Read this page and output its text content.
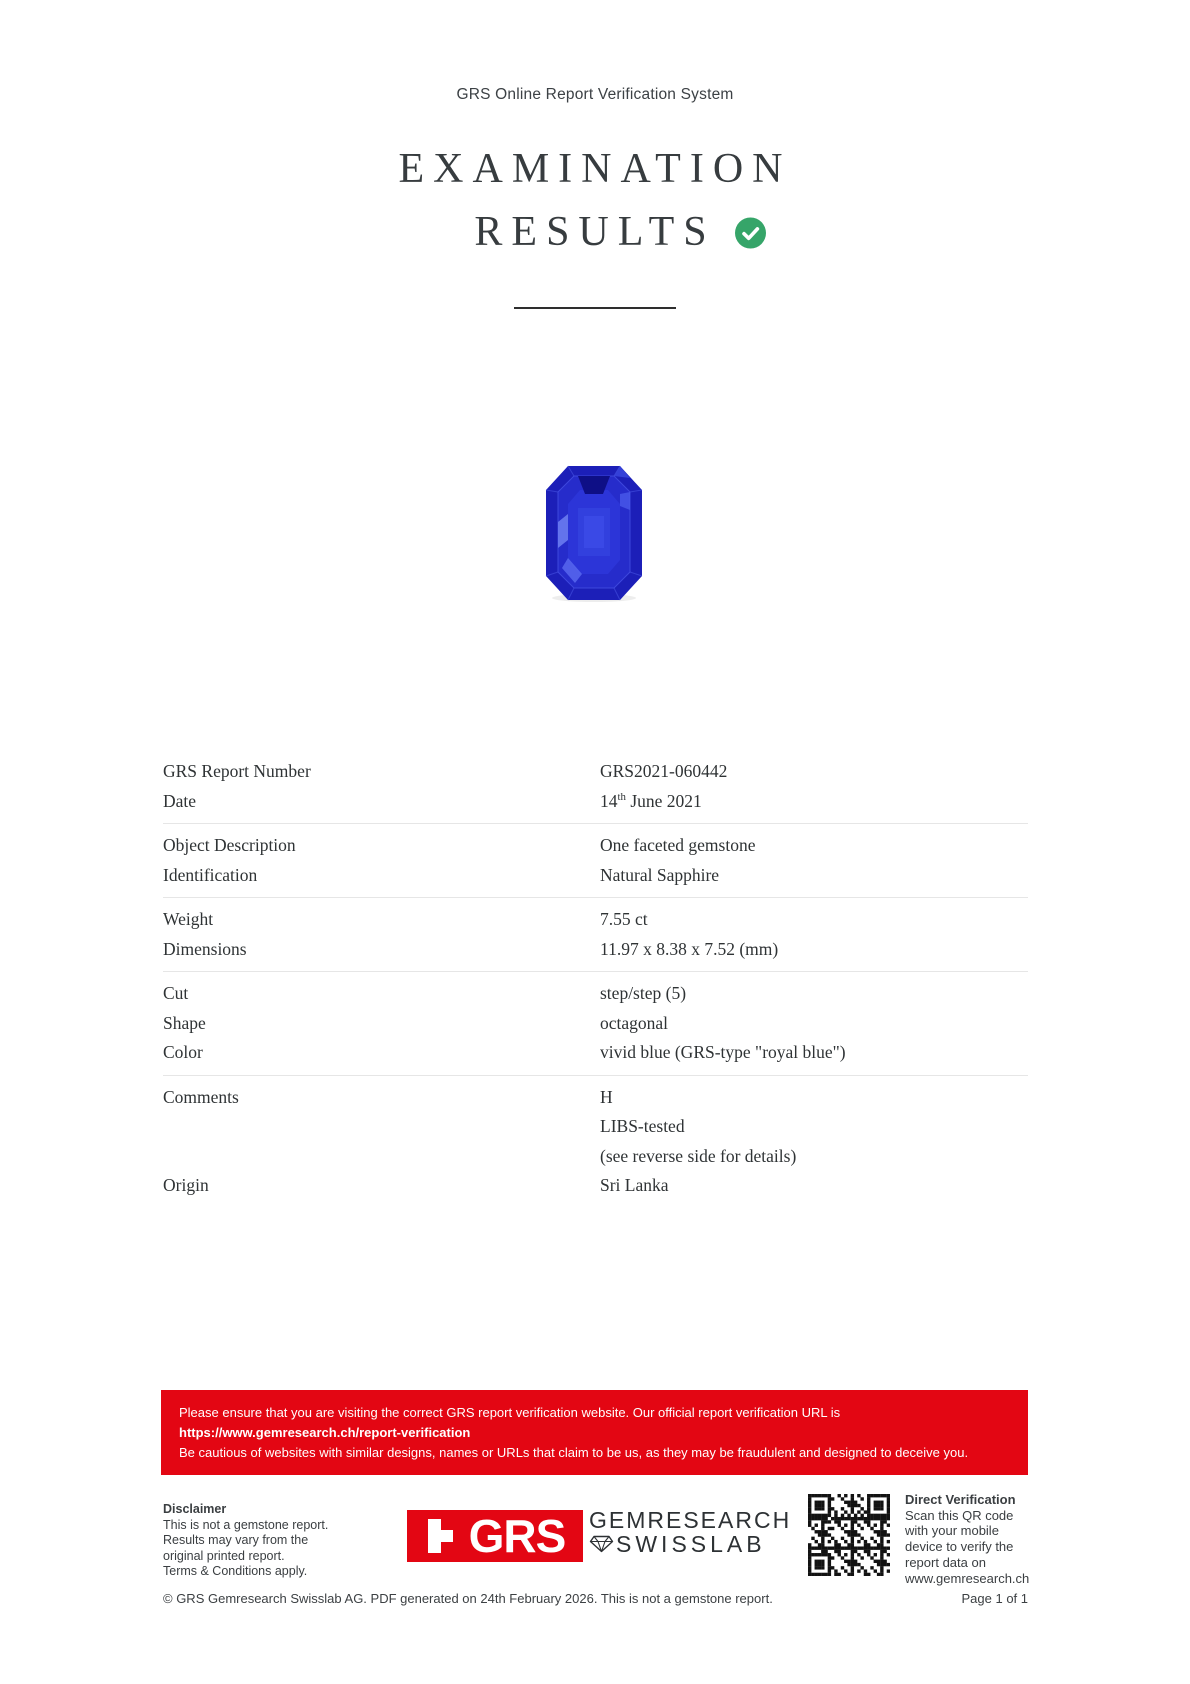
GRS Online Report Verification System
EXAMINATION
RESULTS
GRS Report Number	GRS2021-060442
Date	14th June 2021
Object Description	One faceted gemstone
Identification	Natural Sapphire
Weight	7.55 ct
Dimensions	11.97 x 8.38 x 7.52 (mm)
Cut	step/step (5)
Shape	octagonal
Color	vivid blue (GRS-type "royal blue")
Comments	H
LIBS-tested
(see reverse side for details)
Origin	Sri Lanka
Please ensure that you are visiting the correct GRS report verification website. Our official report verification URL is
https://www.gemresearch.ch/report-verification
Be cautious of websites with similar designs, names or URLs that claim to be us, as they may be fraudulent and designed to deceive you.
Disclaimer
This is not a gemstone report.
Results may vary from the
original printed report.
Terms & Conditions apply.
GRS	GEMRESEARCH
SWISSLAB
Direct Verification
Scan this QR code
with your mobile
device to verify the
report data on
www.gemresearch.ch
© GRS Gemresearch Swisslab AG. PDF generated on 24th February 2026. This is not a gemstone report.	Page 1 of 1
